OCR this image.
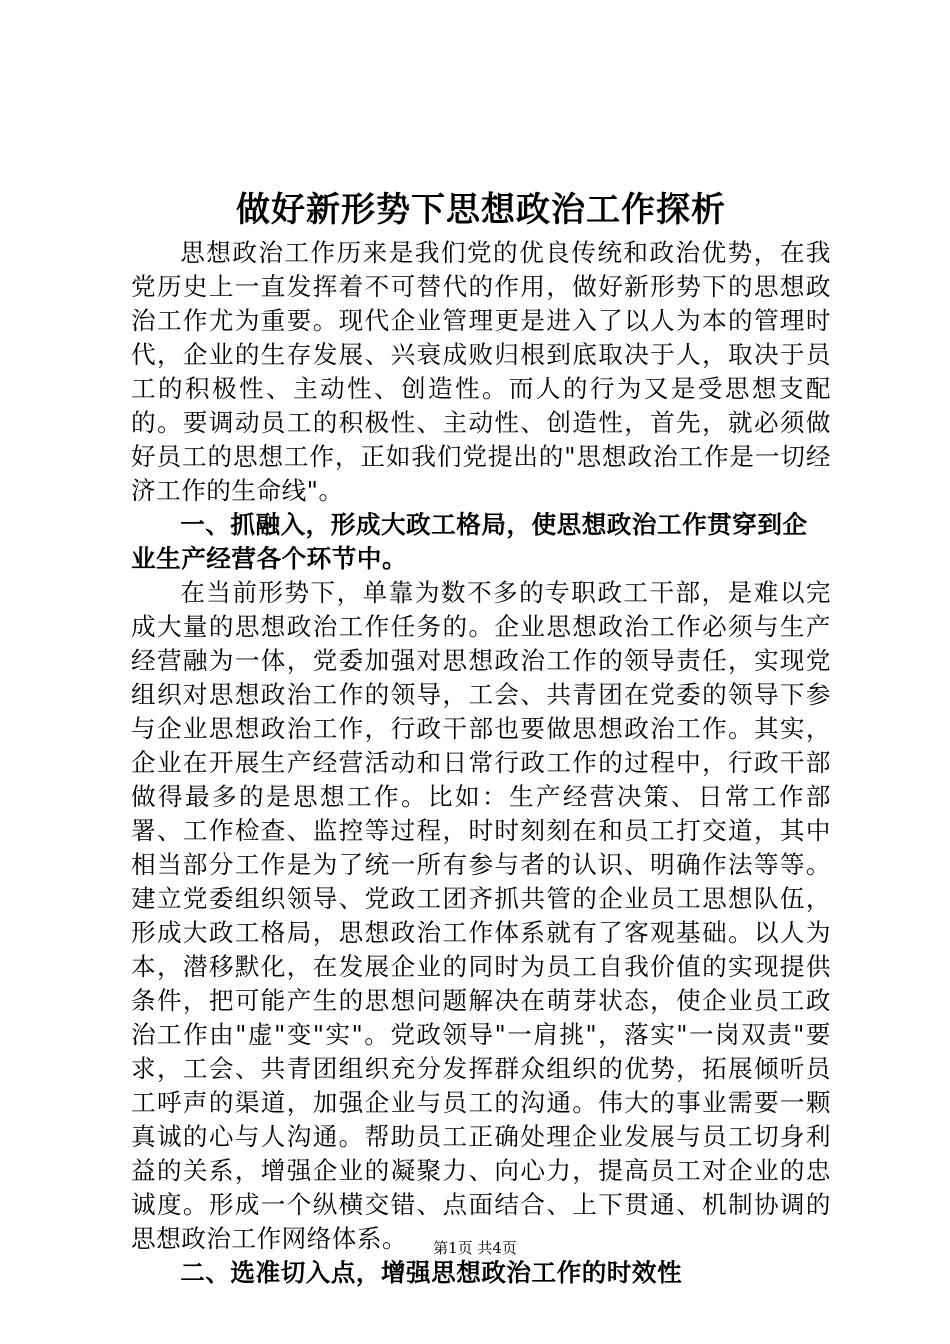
做好新形势下思想政治工作探析

思想政治工作历来是我们党的优良传统和政治优势，在我党历史上一直发挥着不可替代的作用，做好新形势下的思想政治工作尤为重要。现代企业管理更是进入了以人为本的管理时代，企业的生存发展、兴衰成败归根到底取决于人，取决于员工的积极性、主动性、创造性。而人的行为又是受思想支配的。要调动员工的积极性、主动性、创造性，首先，就必须做好员工的思想工作，正如我们党提出的"思想政治工作是一切经济工作的生命线"。

一、抓融入，形成大政工格局，使思想政治工作贯穿到企业生产经营各个环节中。

在当前形势下，单靠为数不多的专职政工干部，是难以完成大量的思想政治工作任务的。企业思想政治工作必须与生产经营融为一体，党委加强对思想政治工作的领导责任，实现党组织对思想政治工作的领导，工会、共青团在党委的领导下参与企业思想政治工作，行政干部也要做思想政治工作。其实，企业在开展生产经营活动和日常行政工作的过程中，行政干部做得最多的是思想工作。比如：生产经营决策、日常工作部署、工作检查、监控等过程，时时刻刻在和员工打交道，其中相当部分工作是为了统一所有参与者的认识、明确作法等等。建立党委组织领导、党政工团齐抓共管的企业员工思想队伍，形成大政工格局，思想政治工作体系就有了客观基础。以人为本，潜移默化，在发展企业的同时为员工自我价值的实现提供条件，把可能产生的思想问题解决在萌芽状态，使企业员工政治工作由"虚"变"实"。党政领导"一肩挑"，落实"一岗双责"要求，工会、共青团组织充分发挥群众组织的优势，拓展倾听员工呼声的渠道，加强企业与员工的沟通。伟大的事业需要一颗真诚的心与人沟通。帮助员工正确处理企业发展与员工切身利益的关系，增强企业的凝聚力、向心力，提高员工对企业的忠诚度。形成一个纵横交错、点面结合、上下贯通、机制协调的思想政治工作网络体系。

二、选准切入点，增强思想政治工作的时效性

第1页 共4页
